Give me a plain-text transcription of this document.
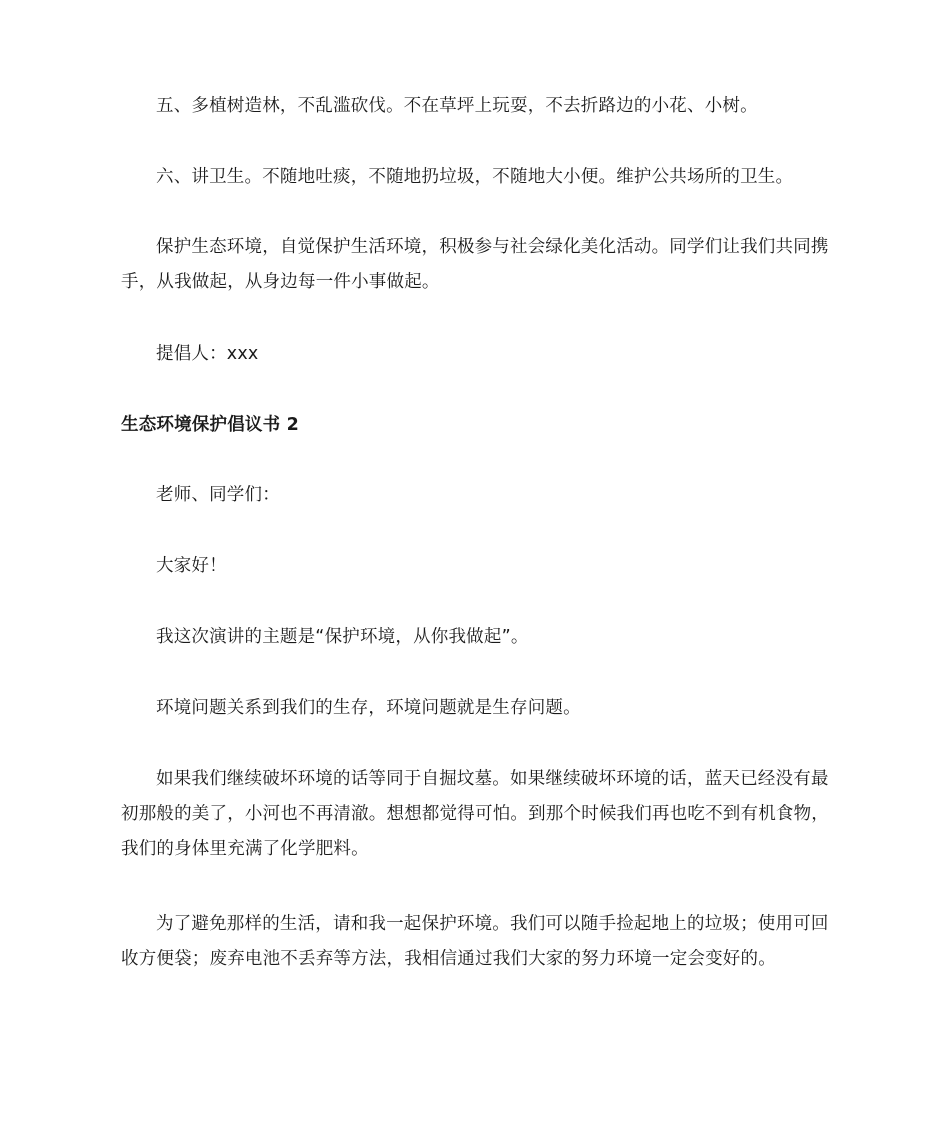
五、多植树造林，不乱滥砍伐。不在草坪上玩耍，不去折路边的小花、小树。

六、讲卫生。不随地吐痰，不随地扔垃圾，不随地大小便。维护公共场所的卫生。

保护生态环境，自觉保护生活环境，积极参与社会绿化美化活动。同学们让我们共同携手，从我做起，从身边每一件小事做起。

提倡人：xxx

生态环境保护倡议书 2

老师、同学们：

大家好！

我这次演讲的主题是“保护环境，从你我做起”。

环境问题关系到我们的生存，环境问题就是生存问题。

如果我们继续破坏环境的话等同于自掘坟墓。如果继续破坏环境的话，蓝天已经没有最初那般的美了，小河也不再清澈。想想都觉得可怕。到那个时候我们再也吃不到有机食物，我们的身体里充满了化学肥料。

为了避免那样的生活，请和我一起保护环境。我们可以随手捡起地上的垃圾；使用可回收方便袋；废弃电池不丢弃等方法，我相信通过我们大家的努力环境一定会变好的。
